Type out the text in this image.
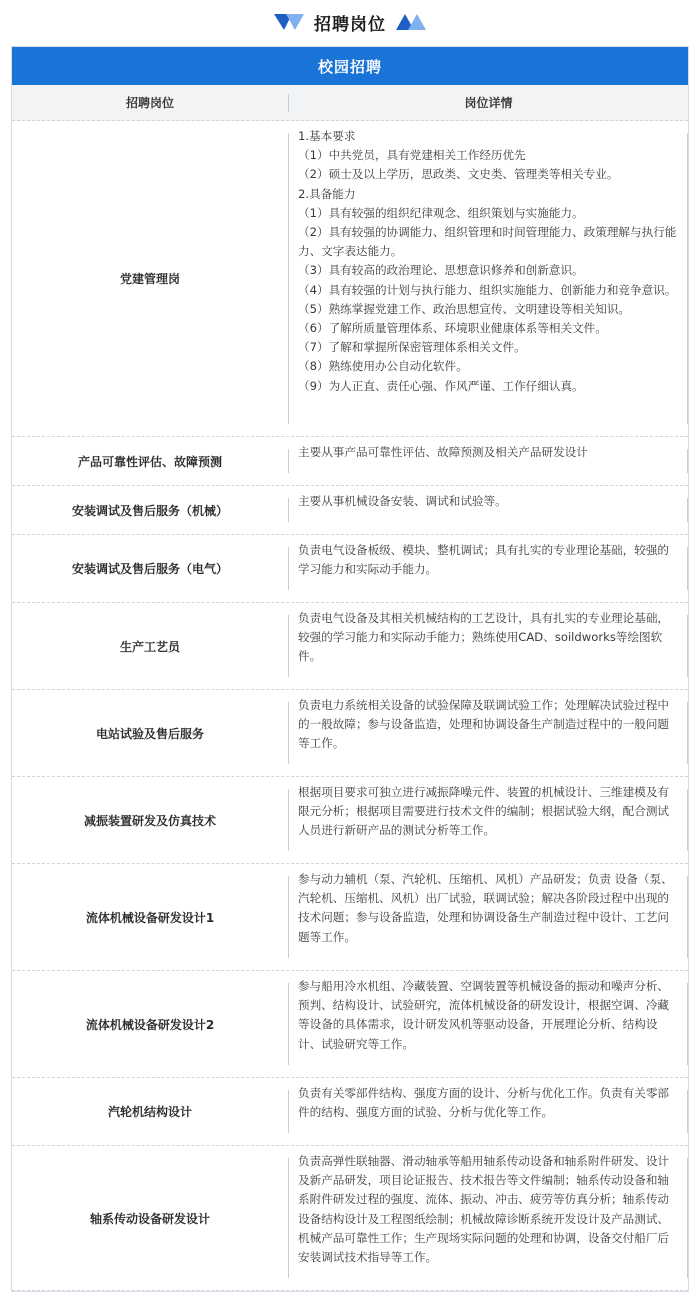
招聘岗位
校园招聘
招聘岗位	岗位详情
党建管理岗
1.基本要求
（1）中共党员，具有党建相关工作经历优先
（2）硕士及以上学历，思政类、文史类、管理类等相关专业。
2.具备能力
（1）具有较强的组织纪律观念、组织策划与实施能力。
（2）具有较强的协调能力、组织管理和时间管理能力、政策理解与执行能力、文字表达能力。
（3）具有较高的政治理论、思想意识修养和创新意识。
（4）具有较强的计划与执行能力、组织实施能力、创新能力和竞争意识。
（5）熟练掌握党建工作、政治思想宣传、文明建设等相关知识。
（6）了解所质量管理体系、环境职业健康体系等相关文件。
（7）了解和掌握所保密管理体系相关文件。
（8）熟练使用办公自动化软件。
（9）为人正直、责任心强、作风严谨、工作仔细认真。
产品可靠性评估、故障预测
主要从事产品可靠性评估、故障预测及相关产品研发设计
安装调试及售后服务（机械）
主要从事机械设备安装、调试和试验等。
安装调试及售后服务（电气）
负责电气设备板级、模块、整机调试；具有扎实的专业理论基础，较强的学习能力和实际动手能力。
生产工艺员
负责电气设备及其相关机械结构的工艺设计，具有扎实的专业理论基础，较强的学习能力和实际动手能力；熟练使用CAD、soildworks等绘图软件。
电站试验及售后服务
负责电力系统相关设备的试验保障及联调试验工作；处理解决试验过程中的一般故障；参与设备监造，处理和协调设备生产制造过程中的一般问题等工作。
减振装置研发及仿真技术
根据项目要求可独立进行减振降噪元件、装置的机械设计、三维建模及有限元分析；根据项目需要进行技术文件的编制；根据试验大纲，配合测试人员进行新研产品的测试分析等工作。
流体机械设备研发设计1
参与动力辅机（泵、汽轮机、压缩机、风机）产品研发；负责 设备（泵、汽轮机、压缩机、风机）出厂试验，联调试验；解决各阶段过程中出现的技术问题；参与设备监造，处理和协调设备生产制造过程中设计、工艺问题等工作。
流体机械设备研发设计2
参与船用冷水机组、冷藏装置、空调装置等机械设备的振动和噪声分析、预判、结构设计、试验研究，流体机械设备的研发设计，根据空调、冷藏等设备的具体需求，设计研发风机等驱动设备，开展理论分析、结构设计、试验研究等工作。
汽轮机结构设计
负责有关零部件结构、强度方面的设计、分析与优化工作。负责有关零部件的结构、强度方面的试验、分析与优化等工作。
轴系传动设备研发设计
负责高弹性联轴器、滑动轴承等船用轴系传动设备和轴系附件研发、设计及新产品研发，项目论证报告、技术报告等文件编制；轴系传动设备和轴系附件研发过程的强度、流体、振动、冲击、疲劳等仿真分析；轴系传动设备结构设计及工程图纸绘制；机械故障诊断系统开发设计及产品测试、机械产品可靠性工作；生产现场实际问题的处理和协调，设备交付船厂后安装调试技术指导等工作。
